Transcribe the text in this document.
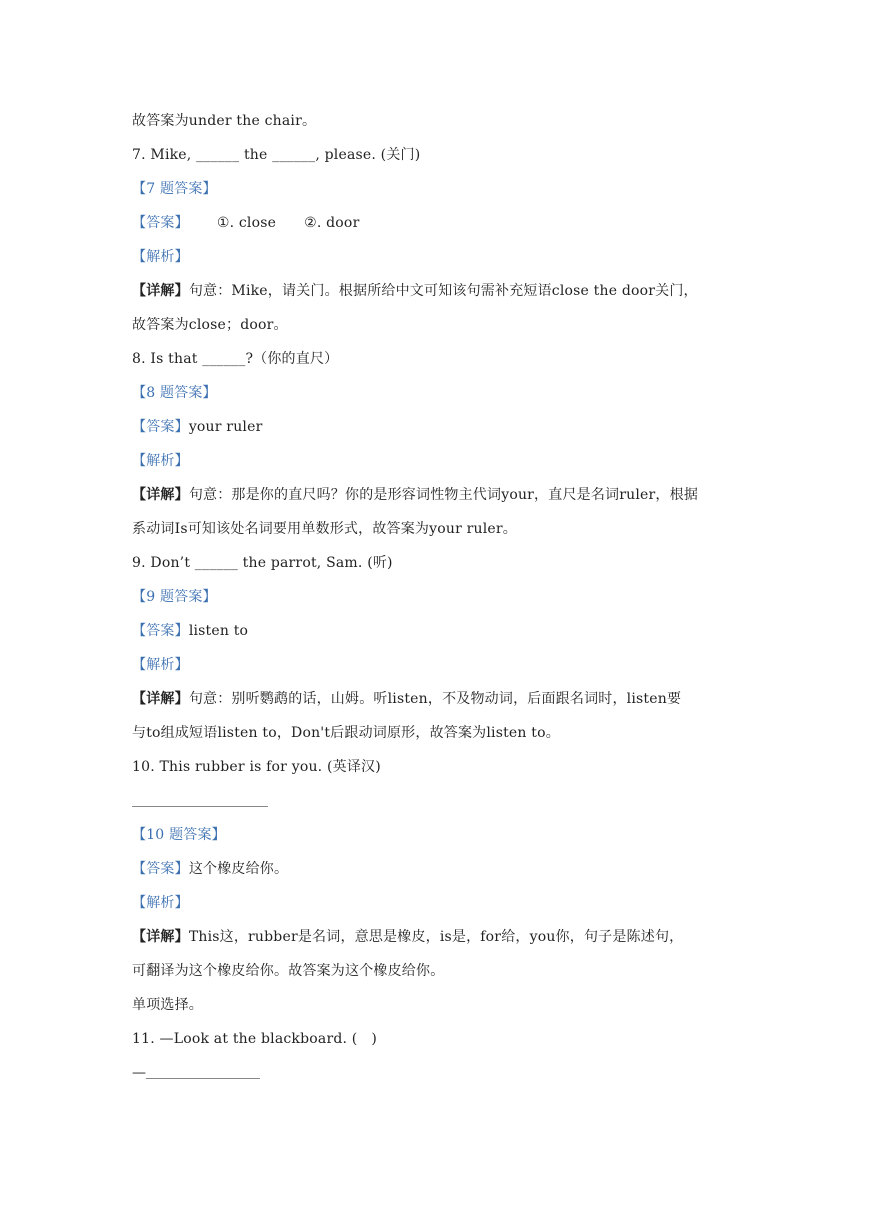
故答案为under the chair。
7. Mike, ______ the ______, please. (关门)
【7 题答案】
【答案】 ①. close ②. door
【解析】
【详解】句意：Mike，请关门。根据所给中文可知该句需补充短语close the door关门，
故答案为close；door。
8. Is that ______?（你的直尺）
【8 题答案】
【答案】your ruler
【解析】
【详解】句意：那是你的直尺吗？你的是形容词性物主代词your，直尺是名词ruler，根据
系动词Is可知该处名词要用单数形式，故答案为your ruler。
9. Don’t ______ the parrot, Sam. (听)
【9 题答案】
【答案】listen to
【解析】
【详解】句意：别听鹦鹉的话，山姆。听listen，不及物动词，后面跟名词时，listen要
与to组成短语listen to，Don't后跟动词原形，故答案为listen to。
10. This rubber is for you. (英译汉)
【10 题答案】
【答案】这个橡皮给你。
【解析】
【详解】This这，rubber是名词，意思是橡皮，is是，for给，you你，句子是陈述句，
可翻译为这个橡皮给你。故答案为这个橡皮给你。
单项选择。
11. —Look at the blackboard. (   )
—
